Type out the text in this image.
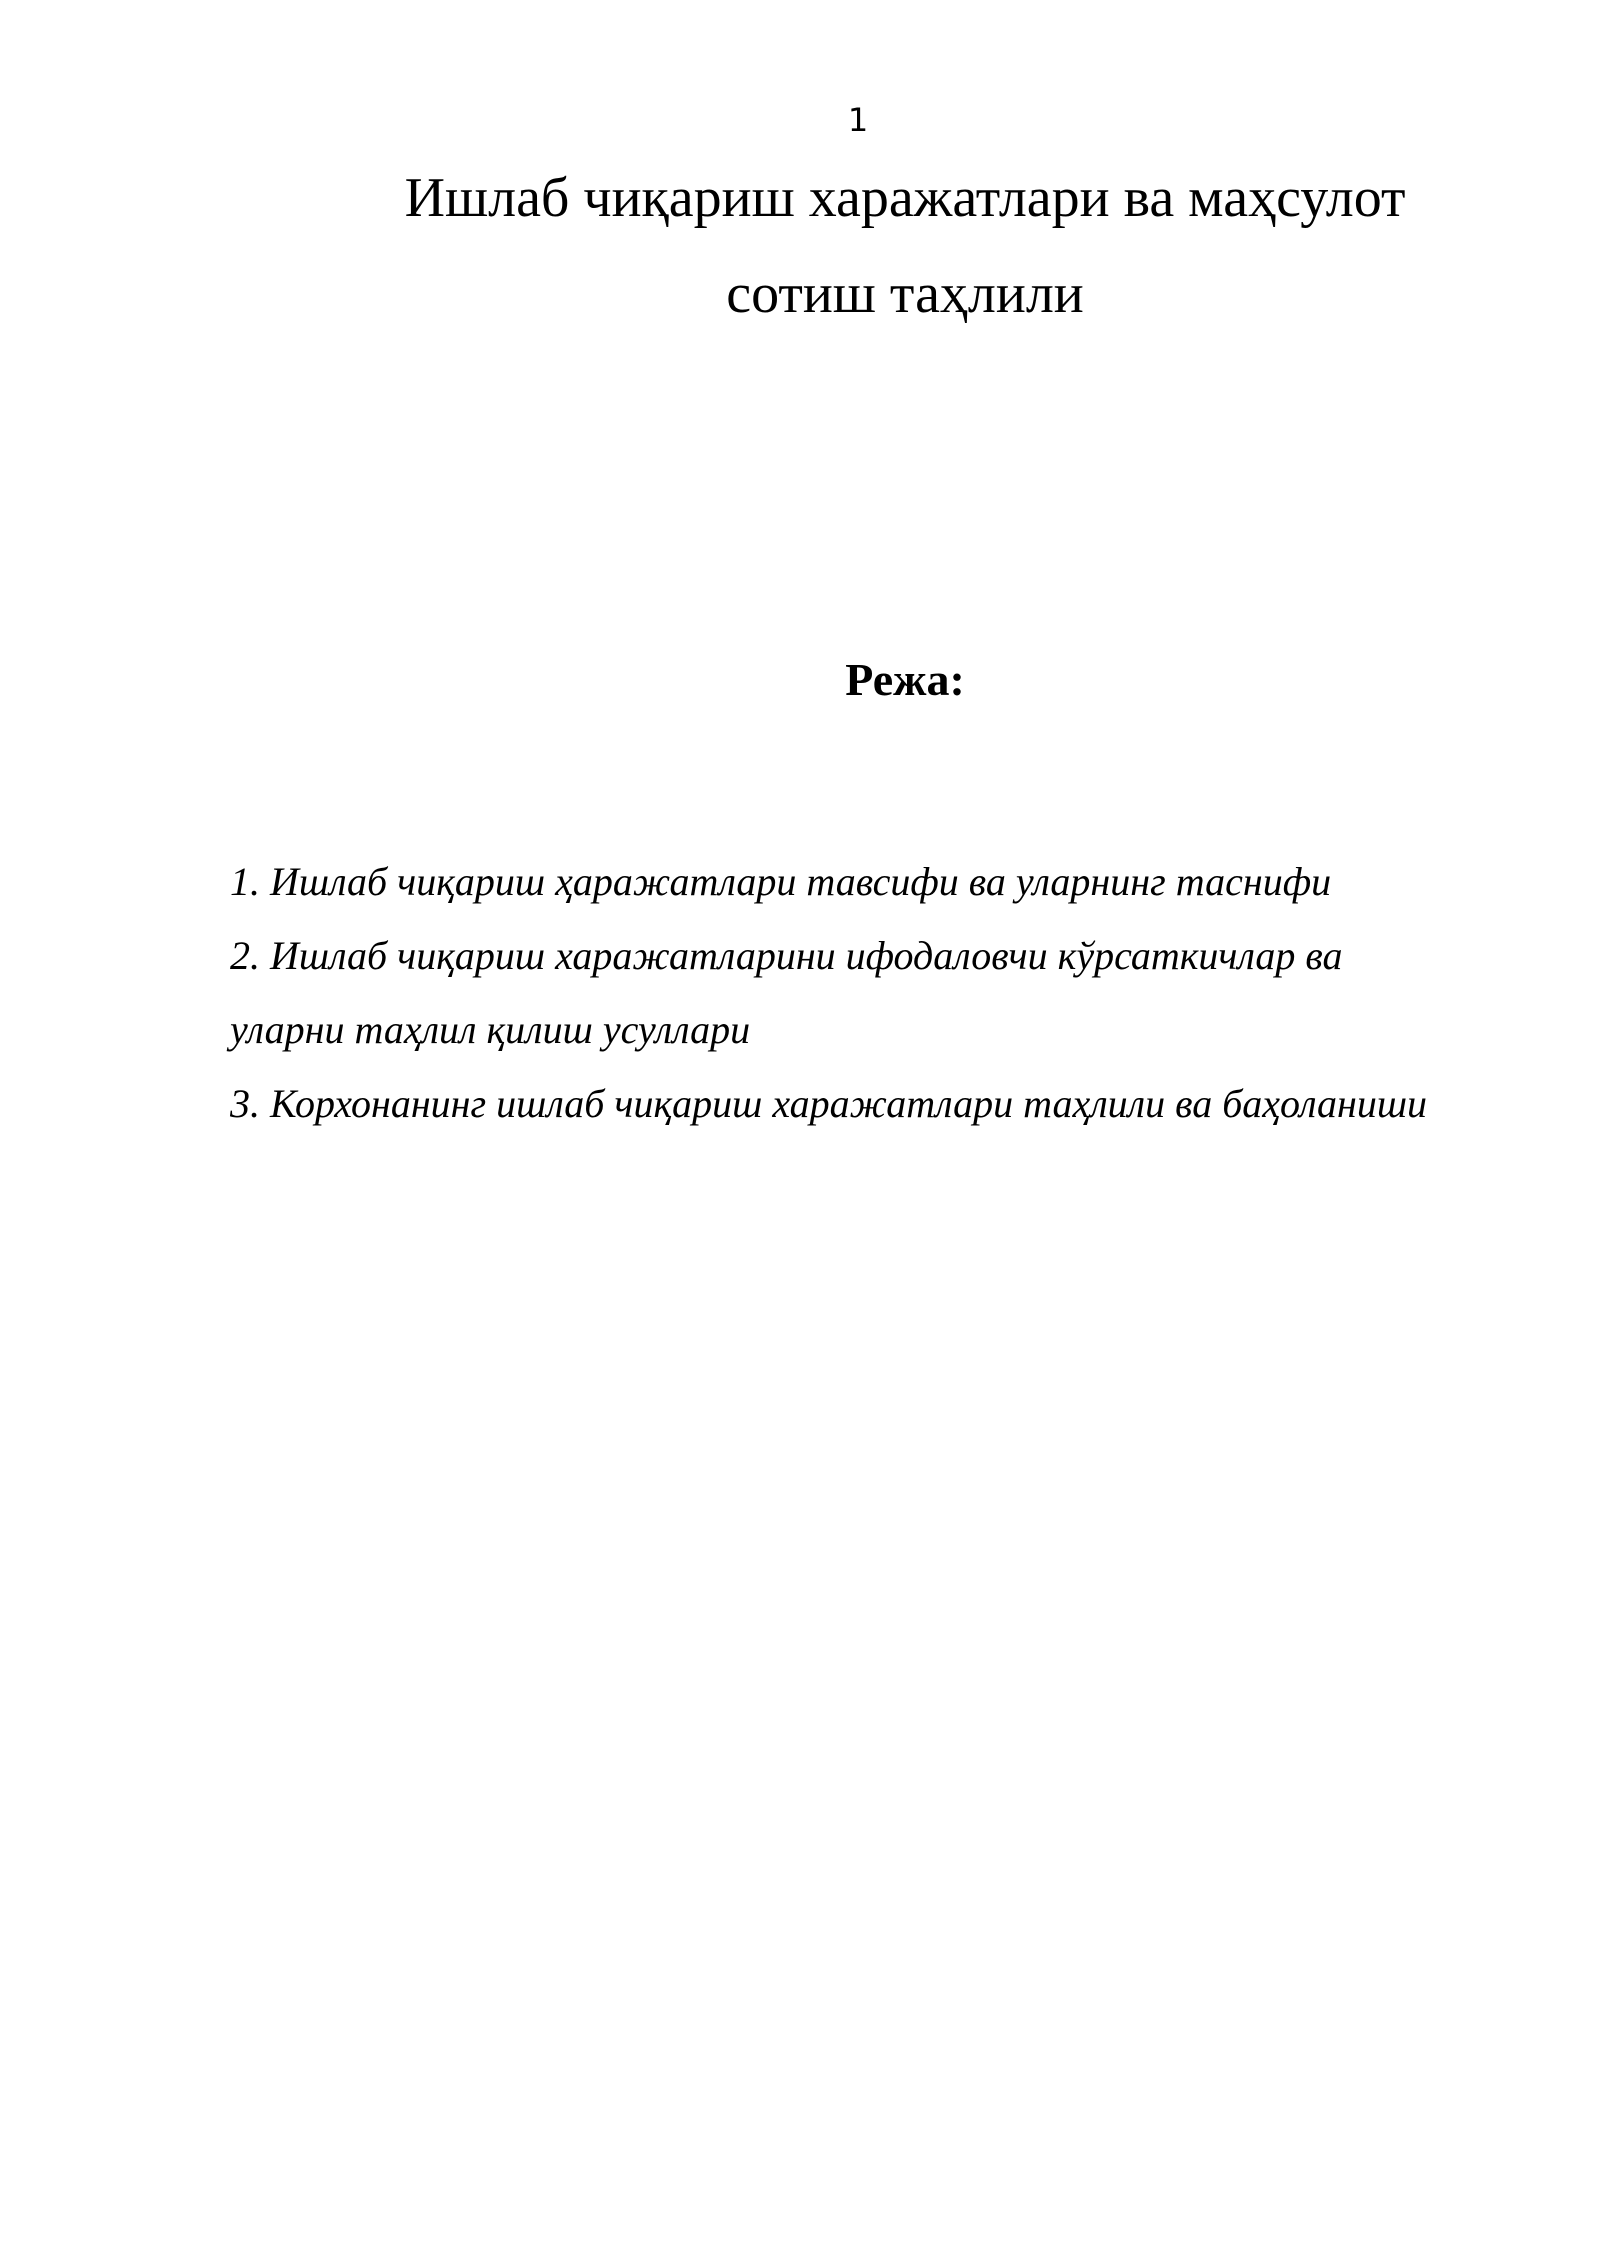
1
Ишлаб чиқариш харажатлари ва маҳсулот
сотиш таҳлили
Режа:
1. Ишлаб чиқариш ҳаражатлари тавсифи ва уларнинг таснифи
2. Ишлаб чиқариш харажатларини ифодаловчи кўрсаткичлар ва уларни таҳлил қилиш усуллари
3. Корхонанинг ишлаб чиқариш харажатлари таҳлили ва баҳоланиши
